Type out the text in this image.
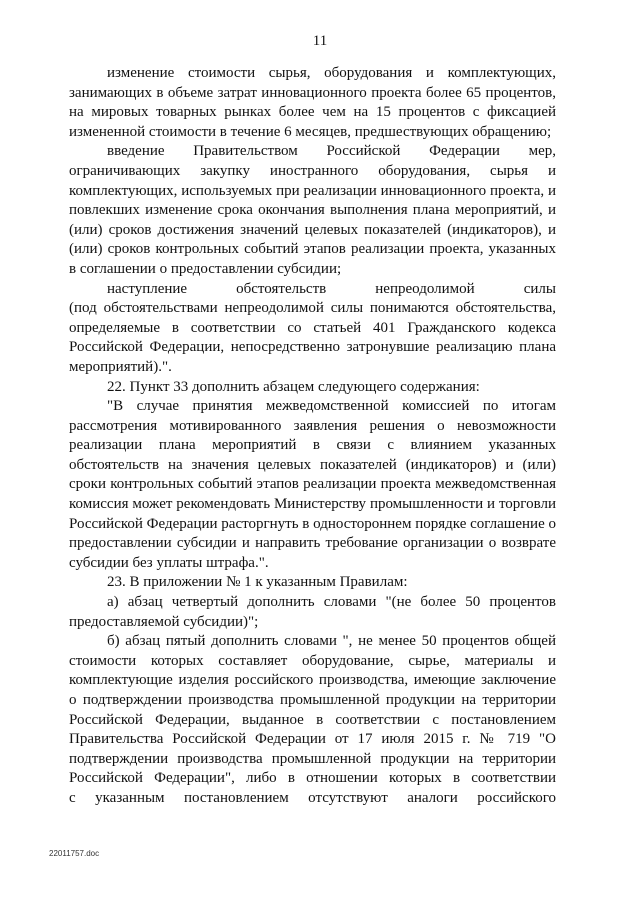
11

изменение стоимости сырья, оборудования и комплектующих, занимающих в объеме затрат инновационного проекта более 65 процентов, на мировых товарных рынках более чем на 15 процентов с фиксацией измененной стоимости в течение 6 месяцев, предшествующих обращению;

введение Правительством Российской Федерации мер, ограничивающих закупку иностранного оборудования, сырья и комплектующих, используемых при реализации инновационного проекта, и повлекших изменение срока окончания выполнения плана мероприятий, и (или) сроков достижения значений целевых показателей (индикаторов), и (или) сроков контрольных событий этапов реализации проекта, указанных в соглашении о предоставлении субсидии;

наступление обстоятельств непреодолимой силы
(под обстоятельствами непреодолимой силы понимаются обстоятельства, определяемые в соответствии со статьей 401 Гражданского кодекса Российской Федерации, непосредственно затронувшие реализацию плана мероприятий).".

22. Пункт 33 дополнить абзацем следующего содержания:

"В случае принятия межведомственной комиссией по итогам рассмотрения мотивированного заявления решения о невозможности реализации плана мероприятий в связи с влиянием указанных обстоятельств на значения целевых показателей (индикаторов) и (или) сроки контрольных событий этапов реализации проекта межведомственная комиссия может рекомендовать Министерству промышленности и торговли Российской Федерации расторгнуть в одностороннем порядке соглашение о предоставлении субсидии и направить требование организации о возврате субсидии без уплаты штрафа.".

23. В приложении № 1 к указанным Правилам:

а) абзац четвертый дополнить словами "(не более 50 процентов предоставляемой субсидии)";

б) абзац пятый дополнить словами ", не менее 50 процентов общей стоимости которых составляет оборудование, сырье, материалы и комплектующие изделия российского производства, имеющие заключение о подтверждении производства промышленной продукции на территории Российской Федерации, выданное в соответствии с постановлением Правительства Российской Федерации от 17 июля 2015 г. № 719 "О подтверждении производства промышленной продукции на территории Российской Федерации", либо в отношении которых в соответствии
с указанным постановлением отсутствуют аналоги российского

22011757.doc
